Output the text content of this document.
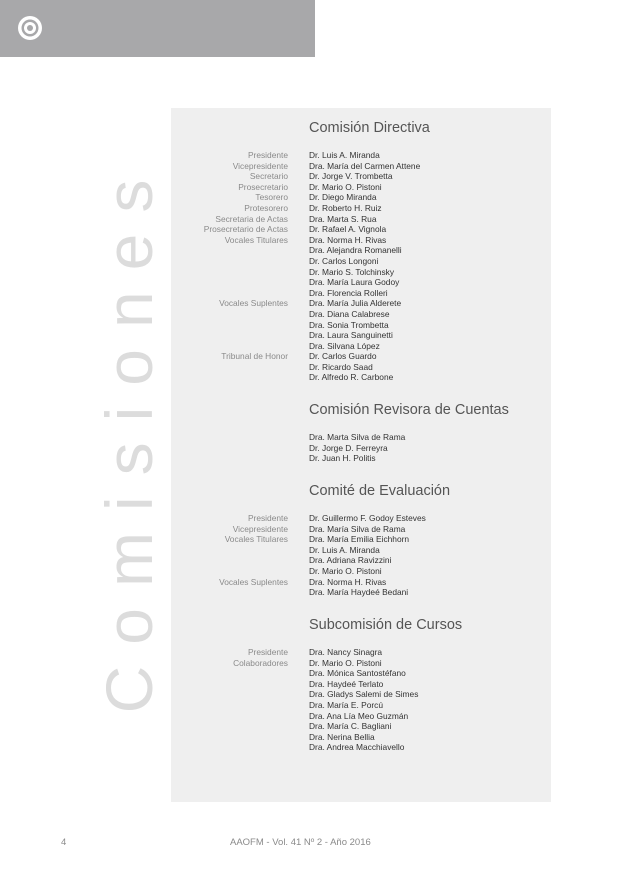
Comisiones
Comisión Directiva
Presidente	Dr. Luis A. Miranda
Vicepresidente	Dra. María del Carmen Attene
Secretario	Dr. Jorge V. Trombetta
Prosecretario	Dr. Mario O. Pistoni
Tesorero	Dr. Diego Miranda
Protesorero	Dr. Roberto H. Ruiz
Secretaria de Actas	Dra. Marta S. Rua
Prosecretario de Actas	Dr. Rafael A. Vignola
Vocales Titulares	Dra. Norma H. Rivas
Dra. Alejandra Romanelli
Dr. Carlos Longoni
Dr. Mario S. Tolchinsky
Dra. María Laura Godoy
Dra. Florencia Rolleri
Vocales Suplentes	Dra. María Julia Alderete
Dra. Diana Calabrese
Dra. Sonia Trombetta
Dra. Laura Sanguinetti
Dra. Silvana López
Tribunal de Honor	Dr. Carlos Guardo
Dr. Ricardo Saad
Dr. Alfredo R. Carbone
Comisión Revisora de Cuentas
Dra. Marta Silva de Rama
Dr. Jorge D. Ferreyra
Dr. Juan H. Politis
Comité de Evaluación
Presidente	Dr. Guillermo F. Godoy Esteves
Vicepresidente	Dra. María Silva de Rama
Vocales Titulares	Dra. María Emilia Eichhorn
Dr. Luis A. Miranda
Dra. Adriana Ravizzini
Dr. Mario O. Pistoni
Vocales Suplentes	Dra. Norma H. Rivas
Dra. María Haydeé Bedani
Subcomisión de Cursos
Presidente	Dra. Nancy Sinagra
Colaboradores	Dr. Mario O. Pistoni
Dra. Mónica Santostéfano
Dra. Haydeé Terlato
Dra. Gladys Salemi de Simes
Dra. María E. Porcú
Dra. Ana Lía Meo Guzmán
Dra. María C. Bagliani
Dra. Nerina Bellia
Dra. Andrea Macchiavello
4	AAOFM - Vol. 41 Nº 2 - Año 2016
